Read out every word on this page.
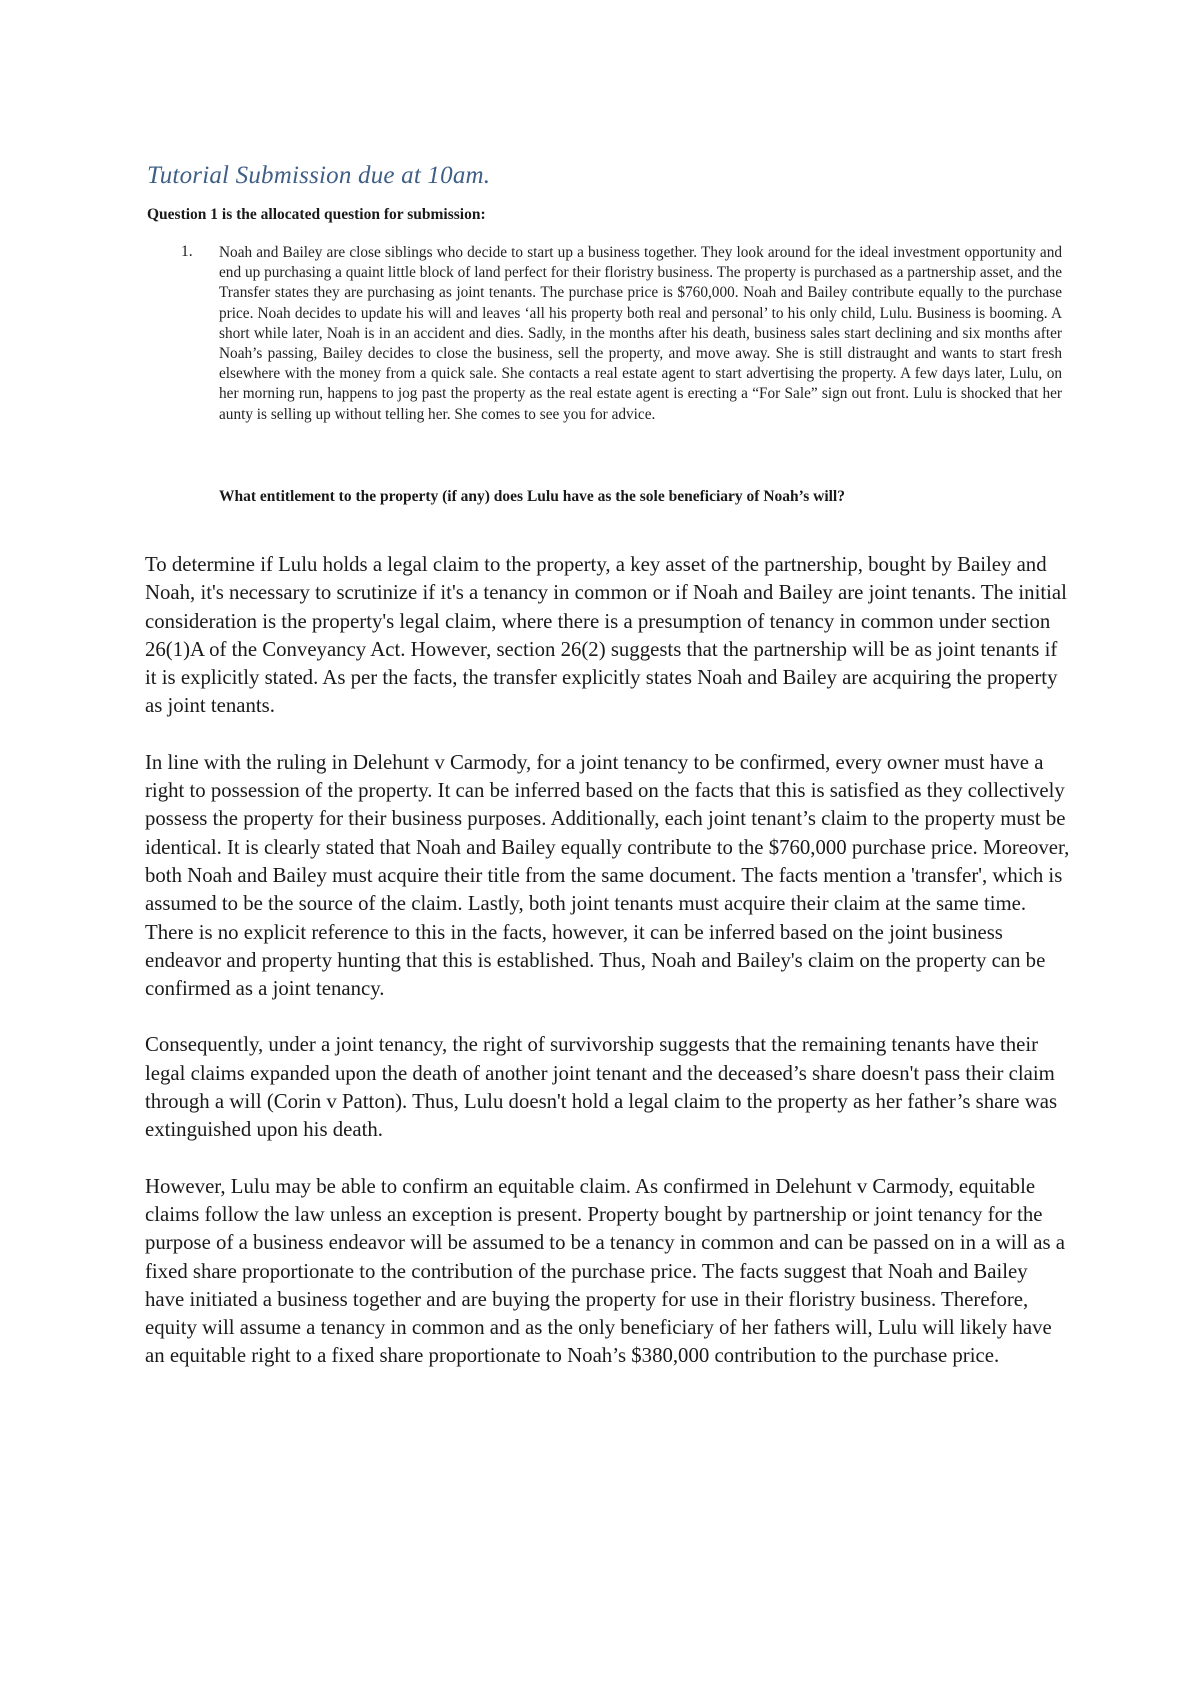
Tutorial Submission due at 10am.
Question 1 is the allocated question for submission:
1. Noah and Bailey are close siblings who decide to start up a business together. They look around for the ideal investment opportunity and end up purchasing a quaint little block of land perfect for their floristry business. The property is purchased as a partnership asset, and the Transfer states they are purchasing as joint tenants. The purchase price is $760,000. Noah and Bailey contribute equally to the purchase price. Noah decides to update his will and leaves ‘all his property both real and personal’ to his only child, Lulu. Business is booming. A short while later, Noah is in an accident and dies. Sadly, in the months after his death, business sales start declining and six months after Noah’s passing, Bailey decides to close the business, sell the property, and move away. She is still distraught and wants to start fresh elsewhere with the money from a quick sale. She contacts a real estate agent to start advertising the property. A few days later, Lulu, on her morning run, happens to jog past the property as the real estate agent is erecting a “For Sale” sign out front. Lulu is shocked that her aunty is selling up without telling her. She comes to see you for advice.
What entitlement to the property (if any) does Lulu have as the sole beneficiary of Noah’s will?

To determine if Lulu holds a legal claim to the property, a key asset of the partnership, bought by Bailey and Noah, it's necessary to scrutinize if it's a tenancy in common or if Noah and Bailey are joint tenants. The initial consideration is the property's legal claim, where there is a presumption of tenancy in common under section 26(1)A of the Conveyancy Act. However, section 26(2) suggests that the partnership will be as joint tenants if it is explicitly stated. As per the facts, the transfer explicitly states Noah and Bailey are acquiring the property as joint tenants.

In line with the ruling in Delehunt v Carmody, for a joint tenancy to be confirmed, every owner must have a right to possession of the property. It can be inferred based on the facts that this is satisfied as they collectively possess the property for their business purposes. Additionally, each joint tenant’s claim to the property must be identical. It is clearly stated that Noah and Bailey equally contribute to the $760,000 purchase price. Moreover, both Noah and Bailey must acquire their title from the same document. The facts mention a 'transfer', which is assumed to be the source of the claim. Lastly, both joint tenants must acquire their claim at the same time. There is no explicit reference to this in the facts, however, it can be inferred based on the joint business endeavor and property hunting that this is established. Thus, Noah and Bailey's claim on the property can be confirmed as a joint tenancy.

Consequently, under a joint tenancy, the right of survivorship suggests that the remaining tenants have their legal claims expanded upon the death of another joint tenant and the deceased’s share doesn't pass their claim through a will (Corin v Patton). Thus, Lulu doesn't hold a legal claim to the property as her father’s share was extinguished upon his death.

However, Lulu may be able to confirm an equitable claim. As confirmed in Delehunt v Carmody, equitable claims follow the law unless an exception is present. Property bought by partnership or joint tenancy for the purpose of a business endeavor will be assumed to be a tenancy in common and can be passed on in a will as a fixed share proportionate to the contribution of the purchase price. The facts suggest that Noah and Bailey have initiated a business together and are buying the property for use in their floristry business. Therefore, equity will assume a tenancy in common and as the only beneficiary of her fathers will, Lulu will likely have an equitable right to a fixed share proportionate to Noah’s $380,000 contribution to the purchase price.
